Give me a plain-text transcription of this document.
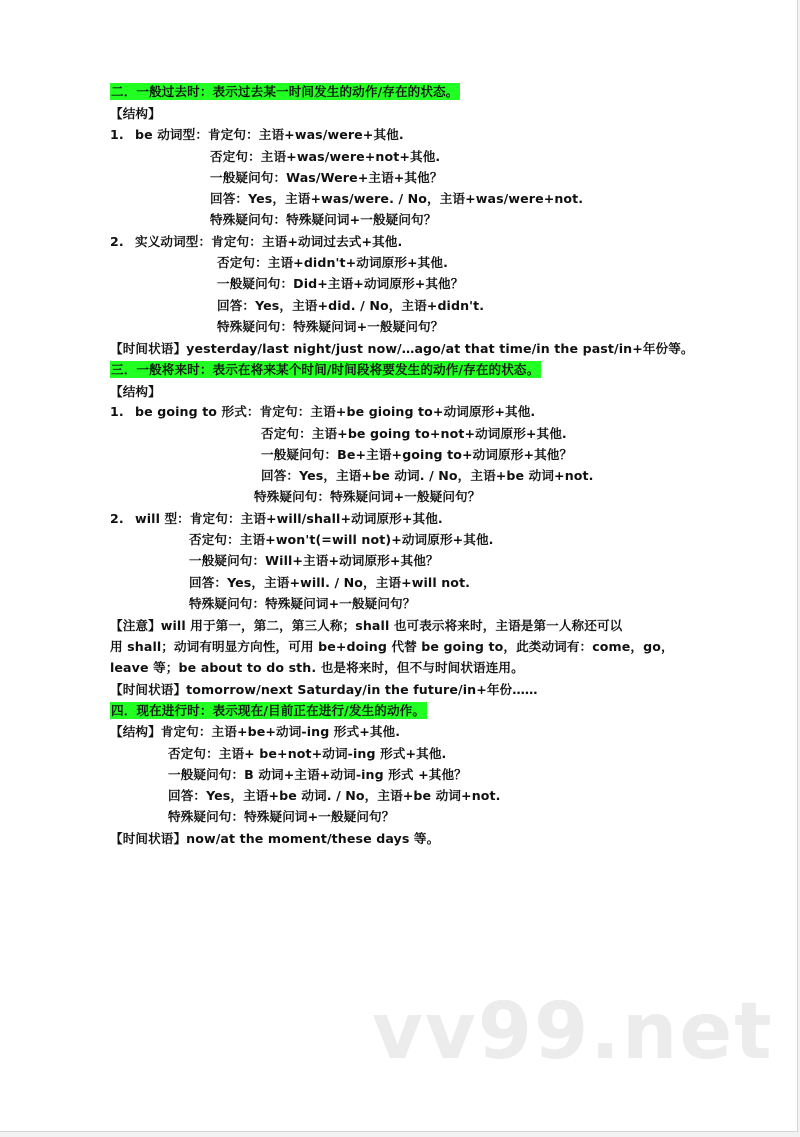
二．一般过去时：表示过去某一时间发生的动作/存在的状态。
【结构】
1. be 动词型：肯定句：主语+was/were+其他.
否定句：主语+was/were+not+其他.
一般疑问句：Was/Were+主语+其他？
回答：Yes，主语+was/were. / No，主语+was/were+not.
特殊疑问句：特殊疑问词+一般疑问句？
2. 实义动词型：肯定句：主语+动词过去式+其他.
否定句：主语+didn't+动词原形+其他.
一般疑问句：Did+主语+动词原形+其他？
回答：Yes，主语+did. / No，主语+didn't.
特殊疑问句：特殊疑问词+一般疑问句？
【时间状语】yesterday/last night/just now/…ago/at that time/in the past/in+年份等。
三．一般将来时：表示在将来某个时间/时间段将要发生的动作/存在的状态。
【结构】
1. be going to 形式：肯定句：主语+be gioing to+动词原形+其他.
否定句：主语+be going to+not+动词原形+其他.
一般疑问句：Be+主语+going to+动词原形+其他？
回答：Yes，主语+be 动词. / No，主语+be 动词+not.
特殊疑问句：特殊疑问词+一般疑问句？
2. will 型：肯定句：主语+will/shall+动词原形+其他.
否定句：主语+won't(=will not)+动词原形+其他.
一般疑问句：Will+主语+动词原形+其他？
回答：Yes，主语+will. / No，主语+will not.
特殊疑问句：特殊疑问词+一般疑问句？
【注意】will 用于第一，第二，第三人称；shall 也可表示将来时，主语是第一人称还可以
用 shall；动词有明显方向性，可用 be+doing 代替 be going to，此类动词有：come，go，
leave 等；be about to do sth. 也是将来时，但不与时间状语连用。
【时间状语】tomorrow/next Saturday/in the future/in+年份……
四．现在进行时：表示现在/目前正在进行/发生的动作。
【结构】肯定句：主语+be+动词-ing 形式+其他.
否定句：主语+ be+not+动词-ing 形式+其他.
一般疑问句：B 动词+主语+动词-ing 形式 +其他？
回答：Yes，主语+be 动词. / No，主语+be 动词+not.
特殊疑问句：特殊疑问词+一般疑问句？
【时间状语】now/at the moment/these days 等。
vv99.net
